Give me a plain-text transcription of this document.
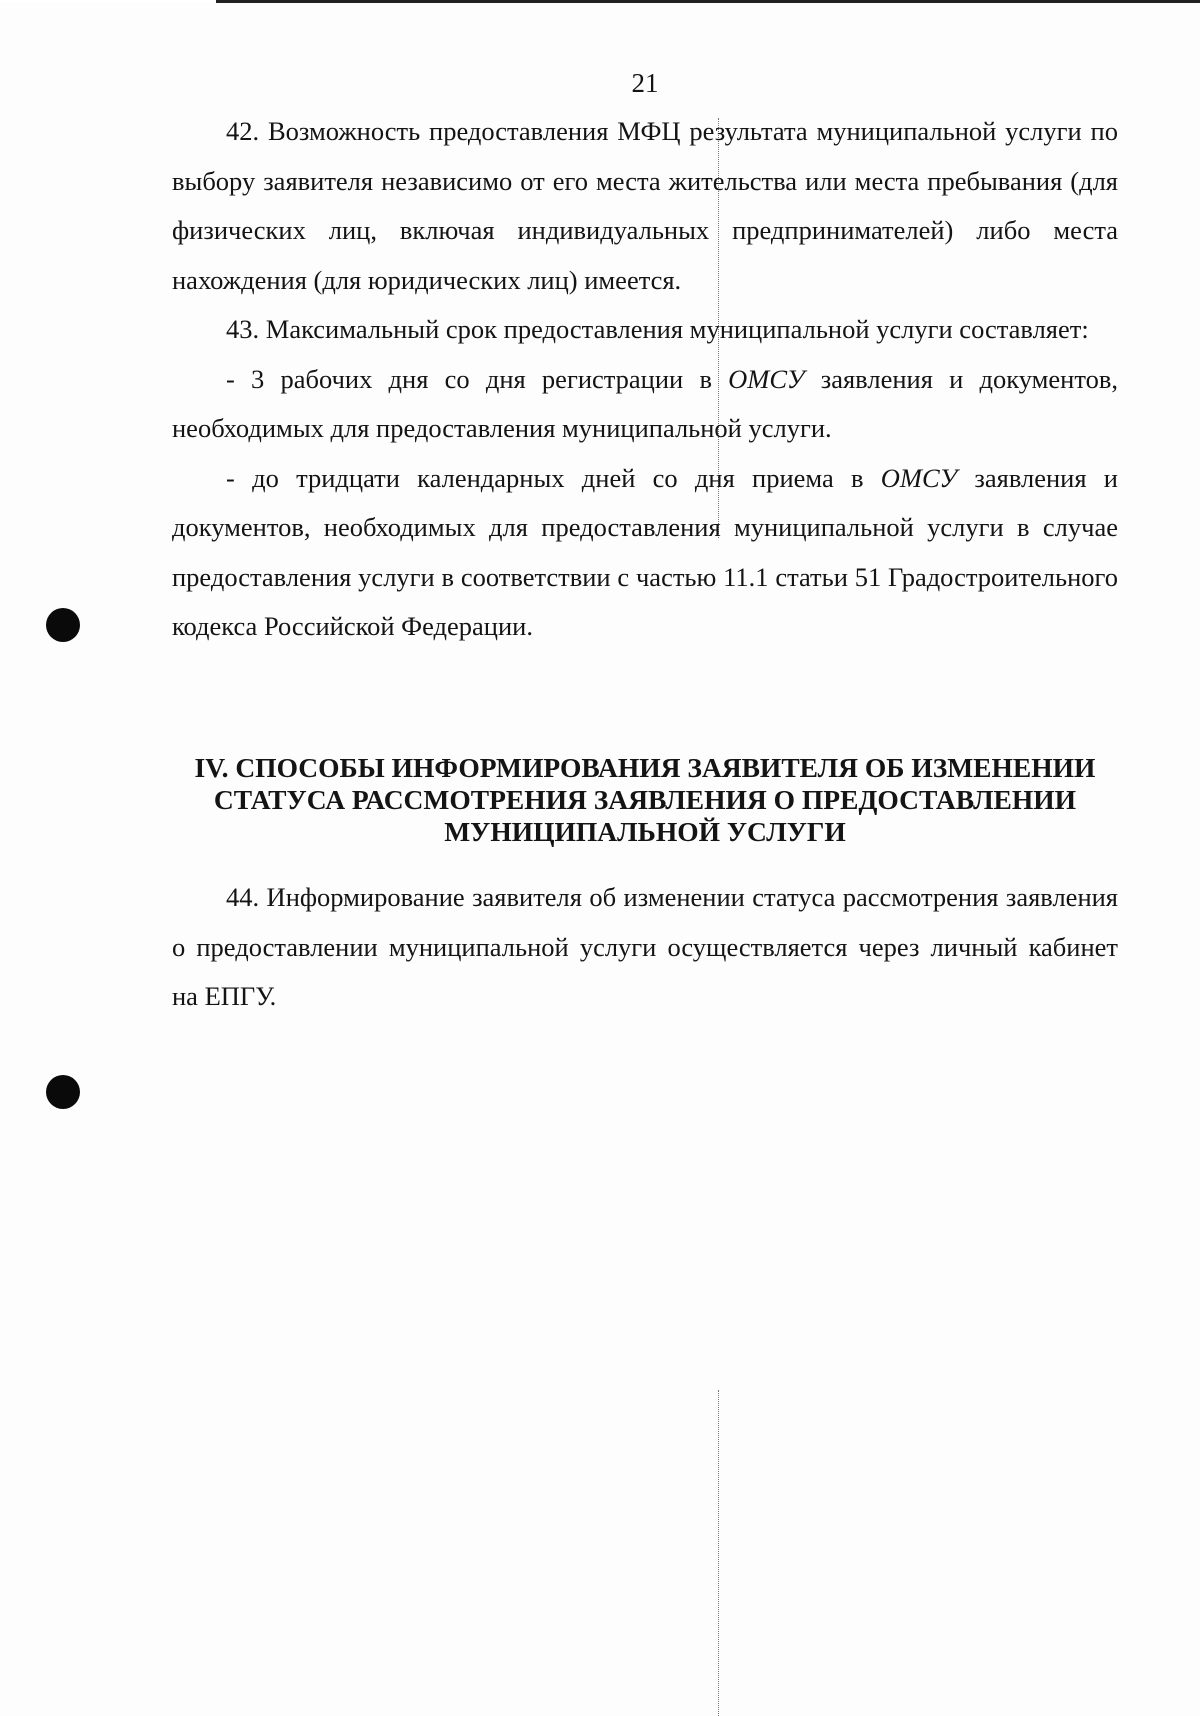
21

42. Возможность предоставления МФЦ результата муниципальной услуги по выбору заявителя независимо от его места жительства или места пребывания (для физических лиц, включая индивидуальных предпринимателей) либо места нахождения (для юридических лиц) имеется.

43. Максимальный срок предоставления муниципальной услуги составляет:

- 3 рабочих дня со дня регистрации в ОМСУ заявления и документов, необходимых для предоставления муниципальной услуги.

- до тридцати календарных дней со дня приема в ОМСУ заявления и документов, необходимых для предоставления муниципальной услуги в случае предоставления услуги в соответствии с частью 11.1 статьи 51 Градостроительного кодекса Российской Федерации.

IV. СПОСОБЫ ИНФОРМИРОВАНИЯ ЗАЯВИТЕЛЯ ОБ ИЗМЕНЕНИИ
СТАТУСА РАССМОТРЕНИЯ ЗАЯВЛЕНИЯ О ПРЕДОСТАВЛЕНИИ
МУНИЦИПАЛЬНОЙ УСЛУГИ

44. Информирование заявителя об изменении статуса рассмотрения заявления о предоставлении муниципальной услуги осуществляется через личный кабинет на ЕПГУ.
